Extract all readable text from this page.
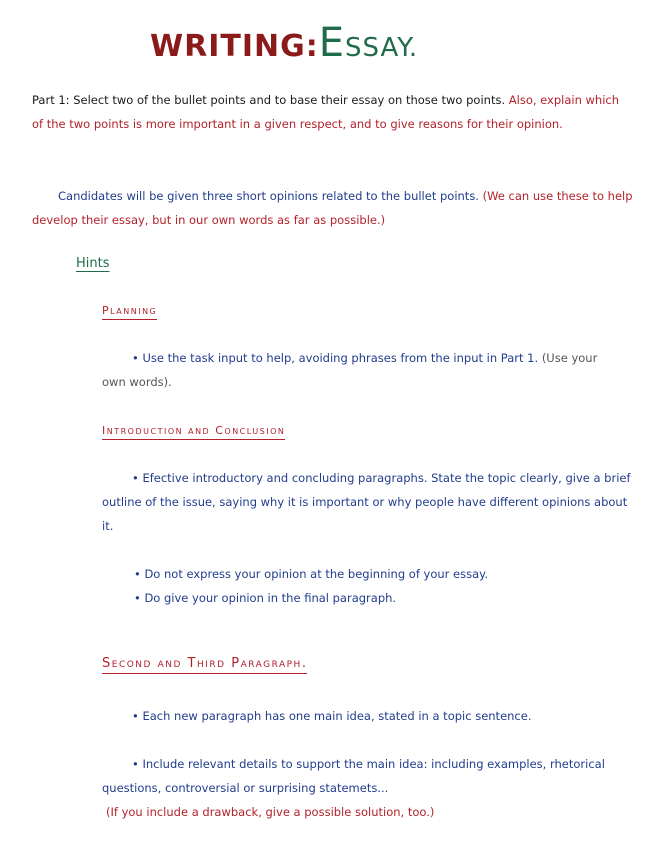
WRITING:ESSAY.
Part 1: Select two of the bullet points and to base their essay on those two points. Also, explain which of the two points is more important in a given respect, and to give reasons for their opinion.
Candidates will be given three short opinions related to the bullet points. (We can use these to help develop their essay, but in our own words as far as possible.)
Hints
Planning
• Use the task input to help, avoiding phrases from the input in Part 1. (Use your own words).
Introduction and Conclusion
• Efective introductory and concluding paragraphs. State the topic clearly, give a brief outline of the issue, saying why it is important or why people have different opinions about it.
• Do not express your opinion at the beginning of your essay.
• Do give your opinion in the final paragraph.
Second and Third Paragraph.
• Each new paragraph has one main idea, stated in a topic sentence.
• Include relevant details to support the main idea: including examples, rhetorical questions, controversial or surprising statemets...
(If you include a drawback, give a possible solution, too.)
